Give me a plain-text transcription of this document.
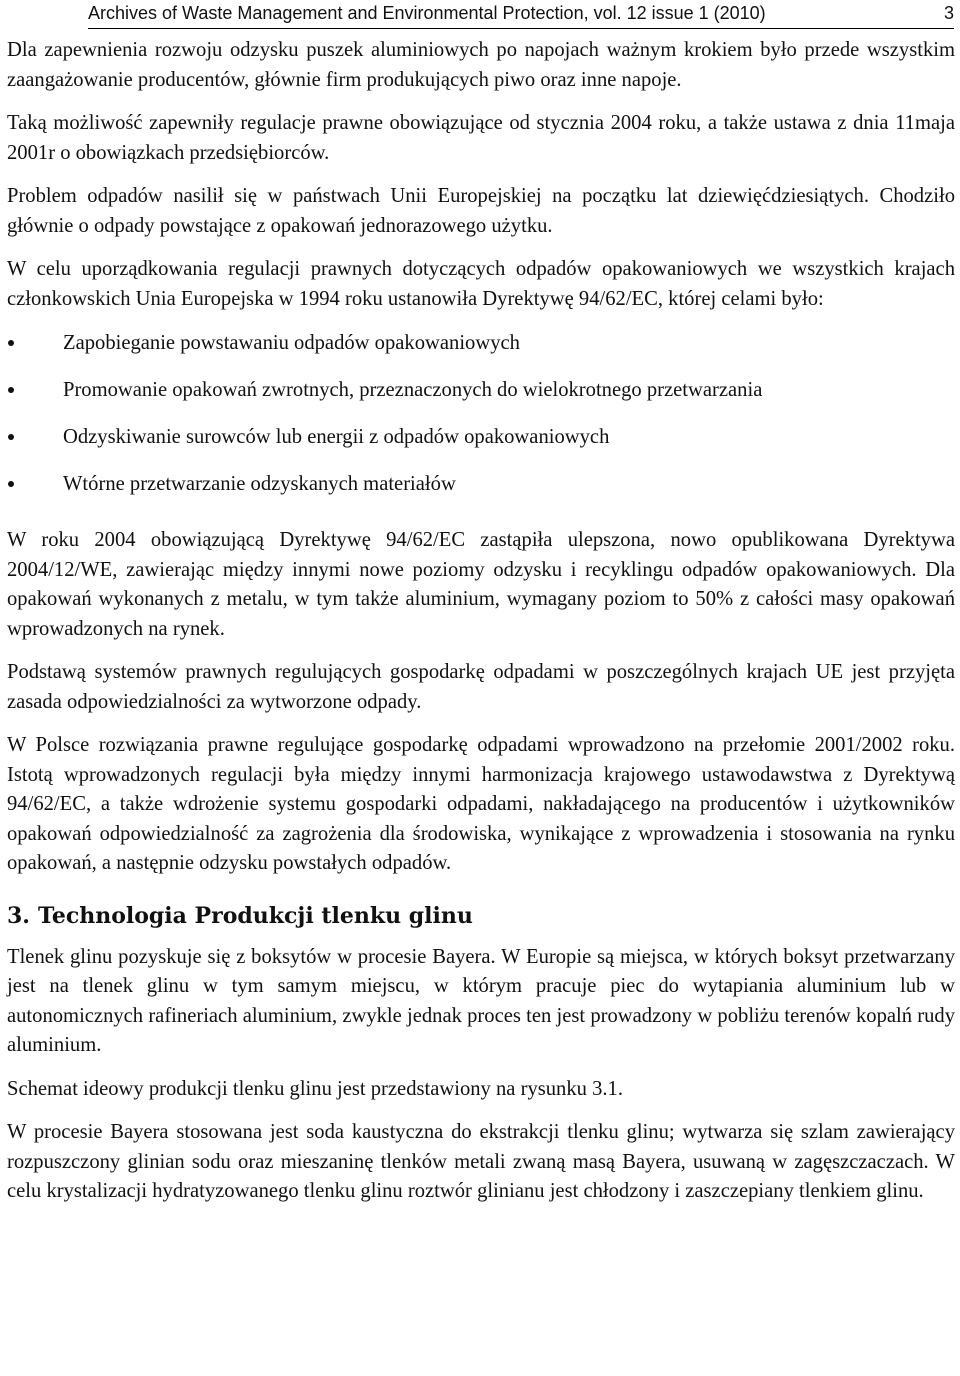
Archives of Waste Management and Environmental Protection, vol. 12 issue 1 (2010)	3

Dla zapewnienia rozwoju odzysku puszek aluminiowych po napojach ważnym krokiem było przede wszystkim zaangażowanie producentów, głównie firm produkujących piwo oraz inne napoje.

Taką możliwość zapewniły regulacje prawne obowiązujące od stycznia 2004 roku, a także ustawa z dnia 11maja 2001r o obowiązkach przedsiębiorców.

Problem odpadów nasilił się w państwach Unii Europejskiej na początku lat dziewięćdziesiątych. Chodziło głównie o odpady powstające z opakowań jednorazowego użytku.

W celu uporządkowania regulacji prawnych dotyczących odpadów opakowaniowych we wszystkich krajach członkowskich Unia Europejska w 1994 roku ustanowiła Dyrektywę 94/62/EC, której celami było:

Zapobieganie powstawaniu odpadów opakowaniowych
Promowanie opakowań zwrotnych, przeznaczonych do wielokrotnego przetwarzania
Odzyskiwanie surowców lub energii z odpadów opakowaniowych
Wtórne przetwarzanie odzyskanych materiałów

W roku 2004 obowiązującą Dyrektywę 94/62/EC zastąpiła ulepszona, nowo opublikowana Dyrektywa 2004/12/WE, zawierając między innymi nowe poziomy odzysku i recyklingu odpadów opakowaniowych. Dla opakowań wykonanych z metalu, w tym także aluminium, wymagany poziom to 50% z całości masy opakowań wprowadzonych na rynek.

Podstawą systemów prawnych regulujących gospodarkę odpadami w poszczególnych krajach UE jest przyjęta zasada odpowiedzialności za wytworzone odpady.

W Polsce rozwiązania prawne regulujące gospodarkę odpadami wprowadzono na przełomie 2001/2002 roku. Istotą wprowadzonych regulacji była między innymi harmonizacja krajowego ustawodawstwa z Dyrektywą 94/62/EC, a także wdrożenie systemu gospodarki odpadami, nakładającego na producentów i użytkowników opakowań odpowiedzialność za zagrożenia dla środowiska, wynikające z wprowadzenia i stosowania na rynku opakowań, a następnie odzysku powstałych odpadów.

3. Technologia Produkcji tlenku glinu

Tlenek glinu pozyskuje się z boksytów w procesie Bayera. W Europie są miejsca, w których boksyt przetwarzany jest na tlenek glinu w tym samym miejscu, w którym pracuje piec do wytapiania aluminium lub w autonomicznych rafineriach aluminium, zwykle jednak proces ten jest prowadzony w pobliżu terenów kopalń rudy aluminium.

Schemat ideowy produkcji tlenku glinu jest przedstawiony na rysunku 3.1.

W procesie Bayera stosowana jest soda kaustyczna do ekstrakcji tlenku glinu; wytwarza się szlam zawierający rozpuszczony glinian sodu oraz mieszaninę tlenków metali zwaną masą Bayera, usuwaną w zagęszczaczach. W celu krystalizacji hydratyzowanego tlenku glinu roztwór glinianu jest chłodzony i zaszczepiany tlenkiem glinu.
